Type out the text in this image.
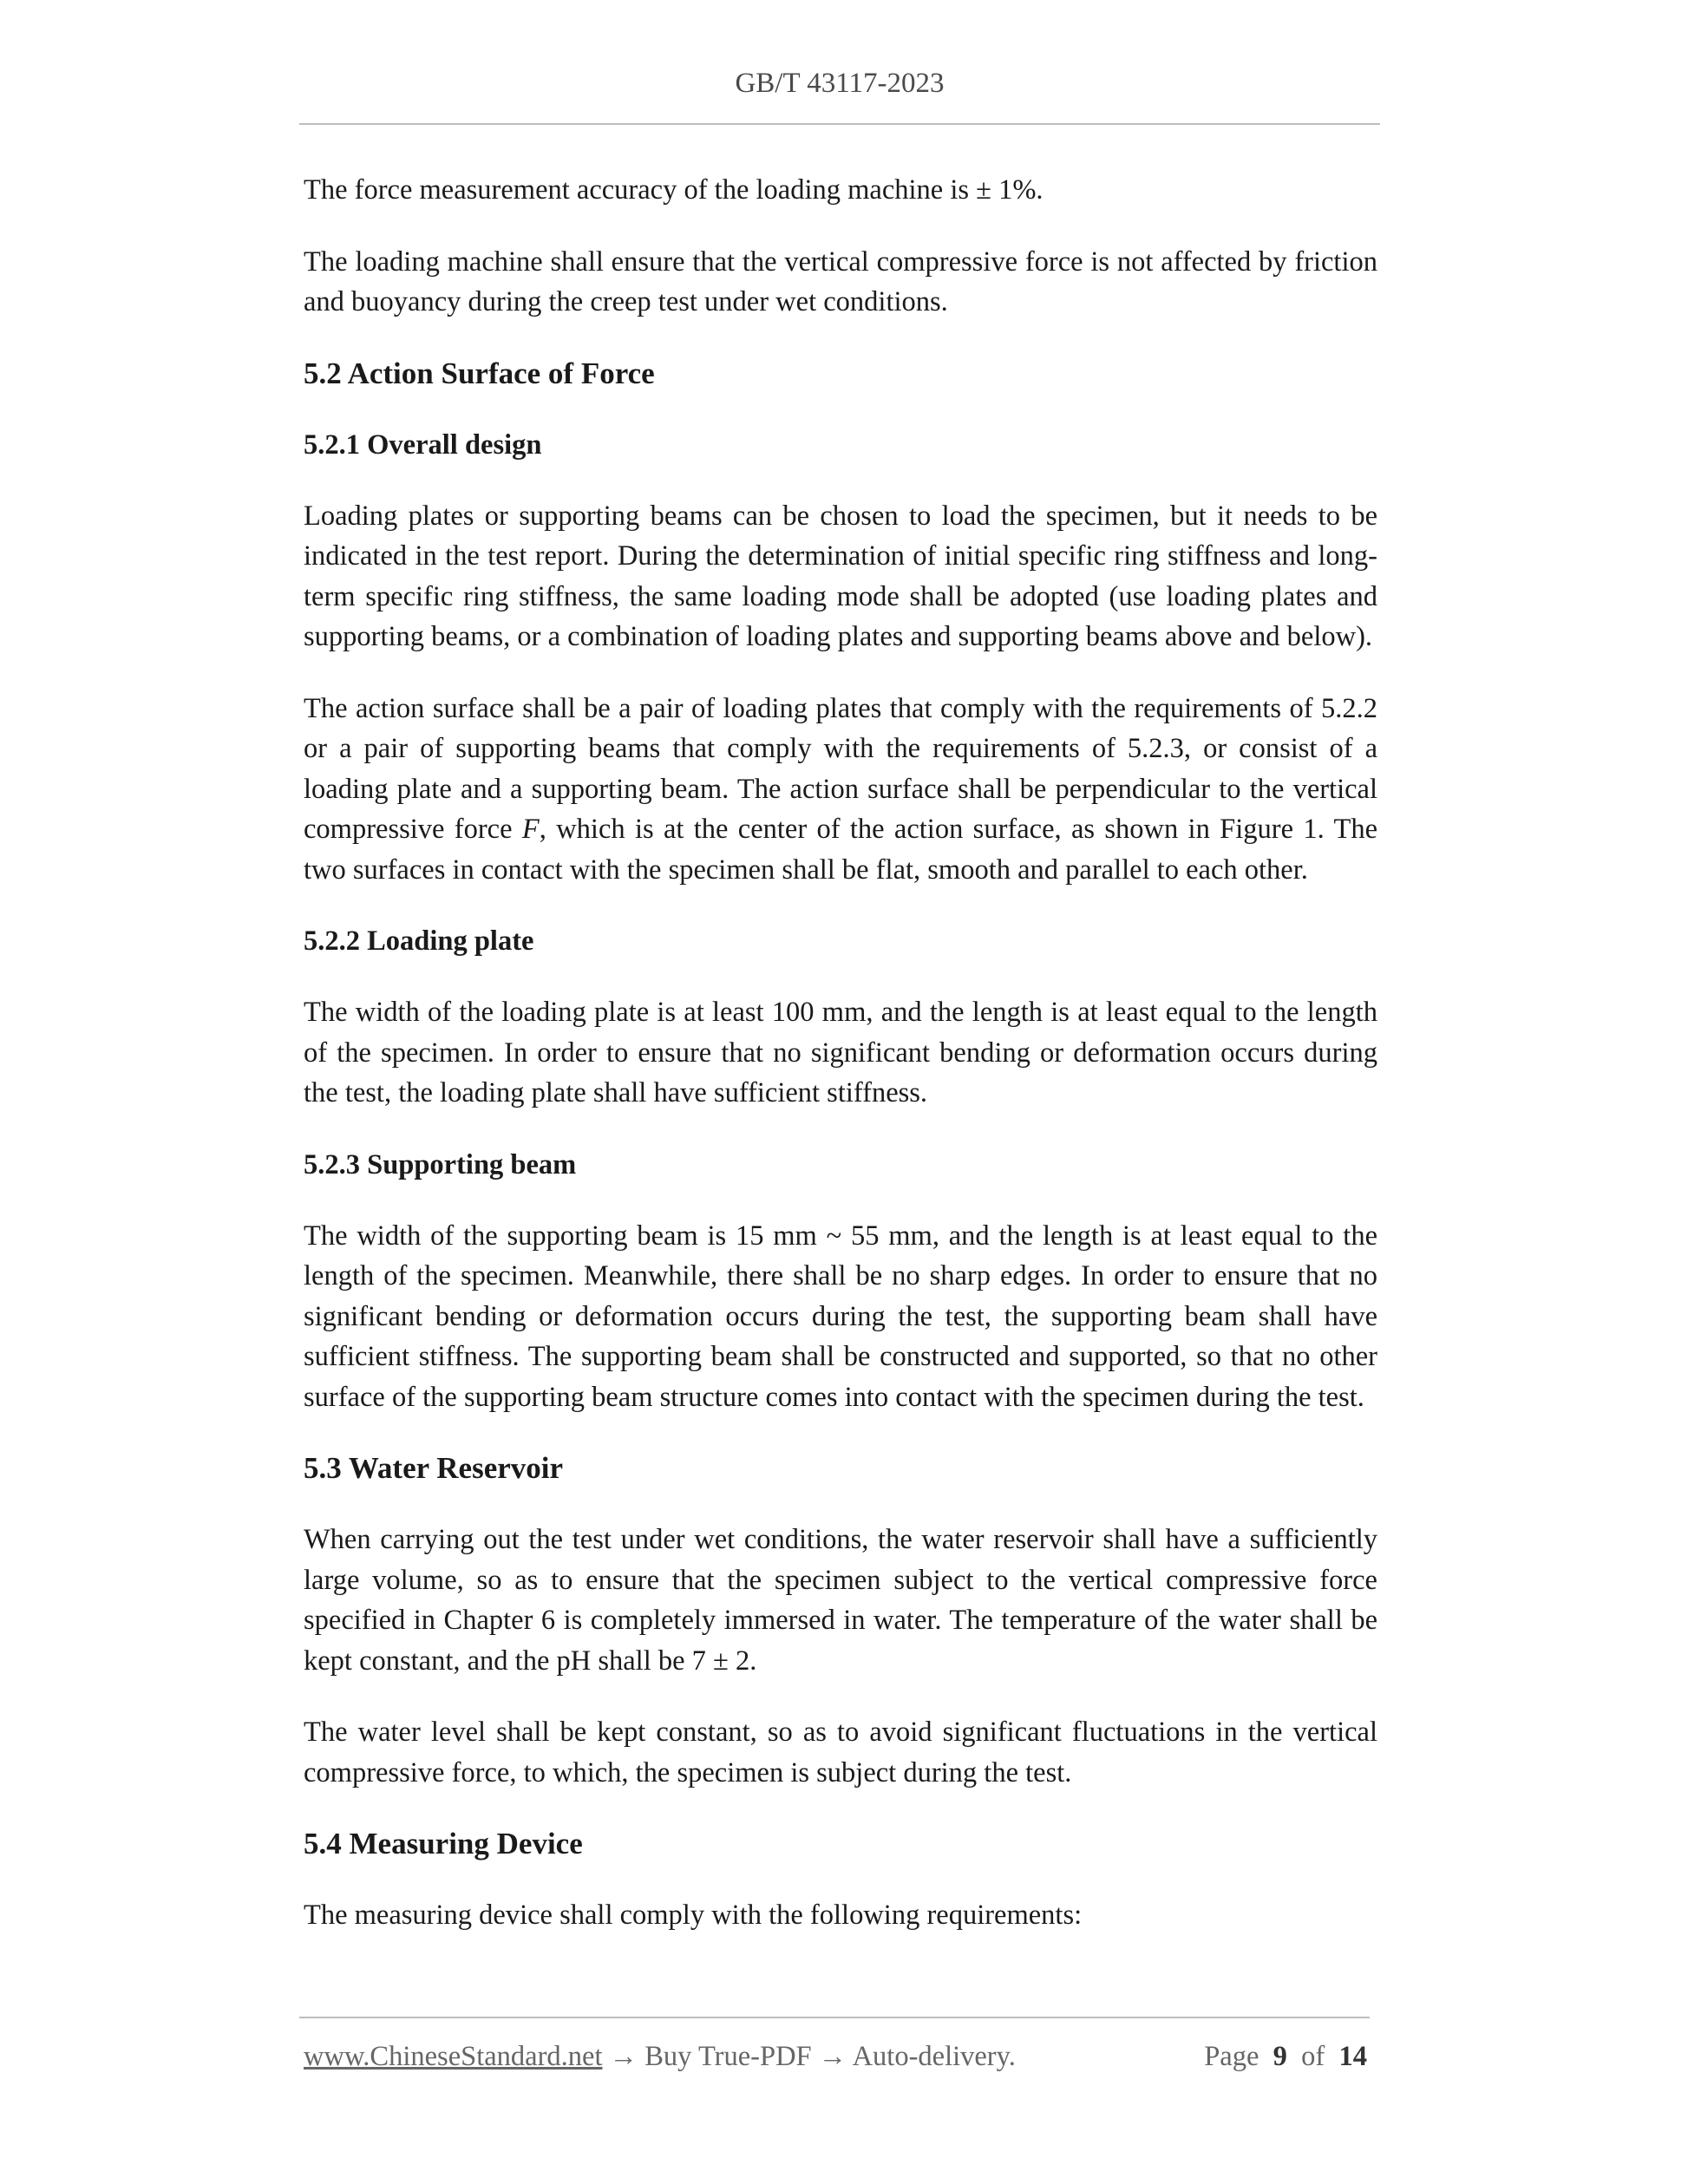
GB/T 43117-2023

The force measurement accuracy of the loading machine is ± 1%.

The loading machine shall ensure that the vertical compressive force is not affected by friction and buoyancy during the creep test under wet conditions.

5.2 Action Surface of Force
5.2.1 Overall design

Loading plates or supporting beams can be chosen to load the specimen, but it needs to be indicated in the test report. During the determination of initial specific ring stiffness and long-term specific ring stiffness, the same loading mode shall be adopted (use loading plates and supporting beams, or a combination of loading plates and supporting beams above and below).

The action surface shall be a pair of loading plates that comply with the requirements of 5.2.2 or a pair of supporting beams that comply with the requirements of 5.2.3, or consist of a loading plate and a supporting beam. The action surface shall be perpendicular to the vertical compressive force F, which is at the center of the action surface, as shown in Figure 1. The two surfaces in contact with the specimen shall be flat, smooth and parallel to each other.

5.2.2 Loading plate

The width of the loading plate is at least 100 mm, and the length is at least equal to the length of the specimen. In order to ensure that no significant bending or deformation occurs during the test, the loading plate shall have sufficient stiffness.

5.2.3 Supporting beam

The width of the supporting beam is 15 mm ~ 55 mm, and the length is at least equal to the length of the specimen. Meanwhile, there shall be no sharp edges. In order to ensure that no significant bending or deformation occurs during the test, the supporting beam shall have sufficient stiffness. The supporting beam shall be constructed and supported, so that no other surface of the supporting beam structure comes into contact with the specimen during the test.

5.3 Water Reservoir

When carrying out the test under wet conditions, the water reservoir shall have a sufficiently large volume, so as to ensure that the specimen subject to the vertical compressive force specified in Chapter 6 is completely immersed in water. The temperature of the water shall be kept constant, and the pH shall be 7 ± 2.

The water level shall be kept constant, so as to avoid significant fluctuations in the vertical compressive force, to which, the specimen is subject during the test.

5.4 Measuring Device

The measuring device shall comply with the following requirements:

www.ChineseStandard.net → Buy True-PDF → Auto-delivery.	Page 9 of 14
